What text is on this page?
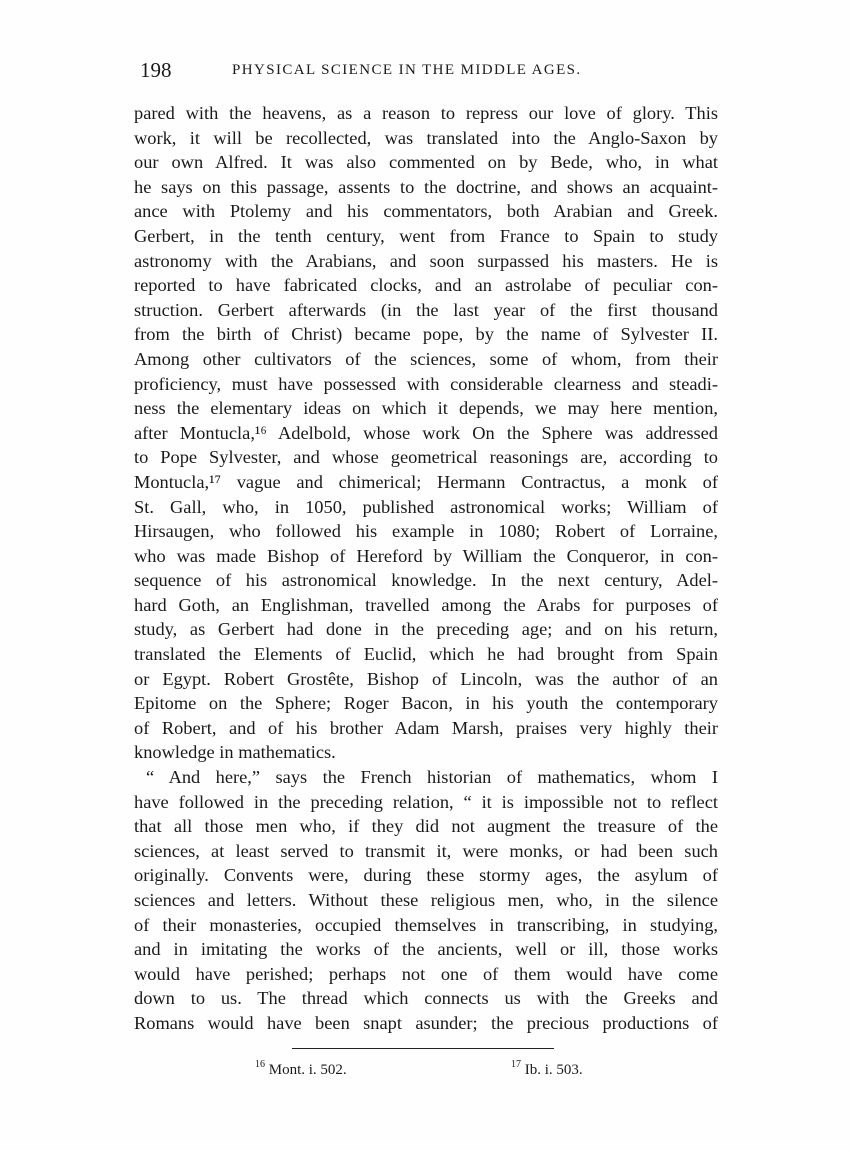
198	PHYSICAL SCIENCE IN THE MIDDLE AGES.
pared with the heavens, as a reason to repress our love of glory. This
work, it will be recollected, was translated into the Anglo-Saxon by
our own Alfred. It was also commented on by Bede, who, in what
he says on this passage, assents to the doctrine, and shows an acquaint-
ance with Ptolemy and his commentators, both Arabian and Greek.
Gerbert, in the tenth century, went from France to Spain to study
astronomy with the Arabians, and soon surpassed his masters. He is
reported to have fabricated clocks, and an astrolabe of peculiar con-
struction. Gerbert afterwards (in the last year of the first thousand
from the birth of Christ) became pope, by the name of Sylvester II.
Among other cultivators of the sciences, some of whom, from their
proficiency, must have possessed with considerable clearness and steadi-
ness the elementary ideas on which it depends, we may here mention,
after Montucla,¹⁶ Adelbold, whose work On the Sphere was addressed
to Pope Sylvester, and whose geometrical reasonings are, according to
Montucla,¹⁷ vague and chimerical; Hermann Contractus, a monk of
St. Gall, who, in 1050, published astronomical works; William of
Hirsaugen, who followed his example in 1080; Robert of Lorraine,
who was made Bishop of Hereford by William the Conqueror, in con-
sequence of his astronomical knowledge. In the next century, Adel-
hard Goth, an Englishman, travelled among the Arabs for purposes of
study, as Gerbert had done in the preceding age; and on his return,
translated the Elements of Euclid, which he had brought from Spain
or Egypt. Robert Grostête, Bishop of Lincoln, was the author of an
Epitome on the Sphere; Roger Bacon, in his youth the contemporary
of Robert, and of his brother Adam Marsh, praises very highly their
knowledge in mathematics.
“ And here,” says the French historian of mathematics, whom I
have followed in the preceding relation, “ it is impossible not to reflect
that all those men who, if they did not augment the treasure of the
sciences, at least served to transmit it, were monks, or had been such
originally. Convents were, during these stormy ages, the asylum of
sciences and letters. Without these religious men, who, in the silence
of their monasteries, occupied themselves in transcribing, in studying,
and in imitating the works of the ancients, well or ill, those works
would have perished; perhaps not one of them would have come
down to us. The thread which connects us with the Greeks and
Romans would have been snapt asunder; the precious productions of
$^{16}$ Mont. i. 502.	$^{17}$ Ib. i. 503.
